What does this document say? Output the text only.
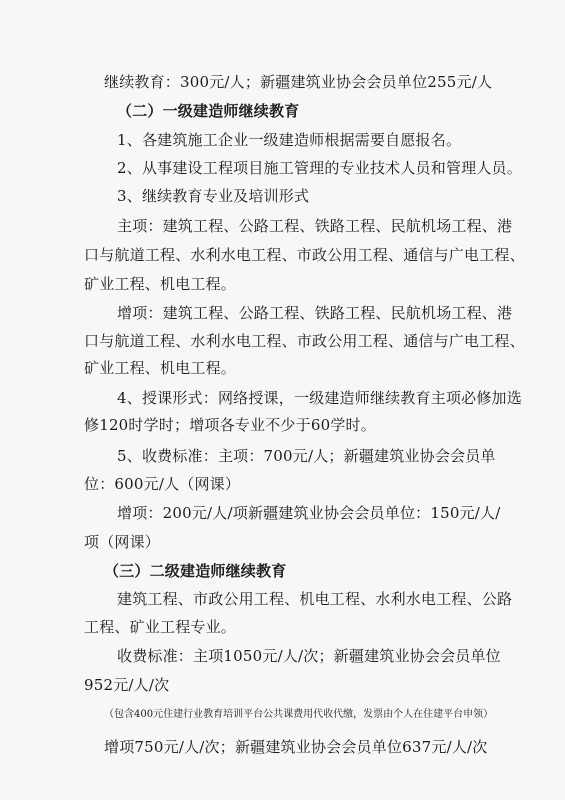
继续教育：300元/人；新疆建筑业协会会员单位255元/人
（二）一级建造师继续教育
1、各建筑施工企业一级建造师根据需要自愿报名。
2、从事建设工程项目施工管理的专业技术人员和管理人员。
3、继续教育专业及培训形式
主项：建筑工程、公路工程、铁路工程、民航机场工程、港
口与航道工程、水利水电工程、市政公用工程、通信与广电工程、
矿业工程、机电工程。
增项：建筑工程、公路工程、铁路工程、民航机场工程、港
口与航道工程、水利水电工程、市政公用工程、通信与广电工程、
矿业工程、机电工程。
4、授课形式：网络授课，一级建造师继续教育主项必修加选
修120时学时；增项各专业不少于60学时。
5、收费标准：主项：700元/人；新疆建筑业协会会员单
位：600元/人（网课）
增项：200元/人/项新疆建筑业协会会员单位：150元/人/
项（网课）
（三）二级建造师继续教育
建筑工程、市政公用工程、机电工程、水利水电工程、公路
工程、矿业工程专业。
收费标准：主项1050元/人/次；新疆建筑业协会会员单位
952元/人/次
（包含400元住建行业教育培训平台公共课费用代收代缴，发票由个人在住建平台申领）
增项750元/人/次；新疆建筑业协会会员单位637元/人/次
